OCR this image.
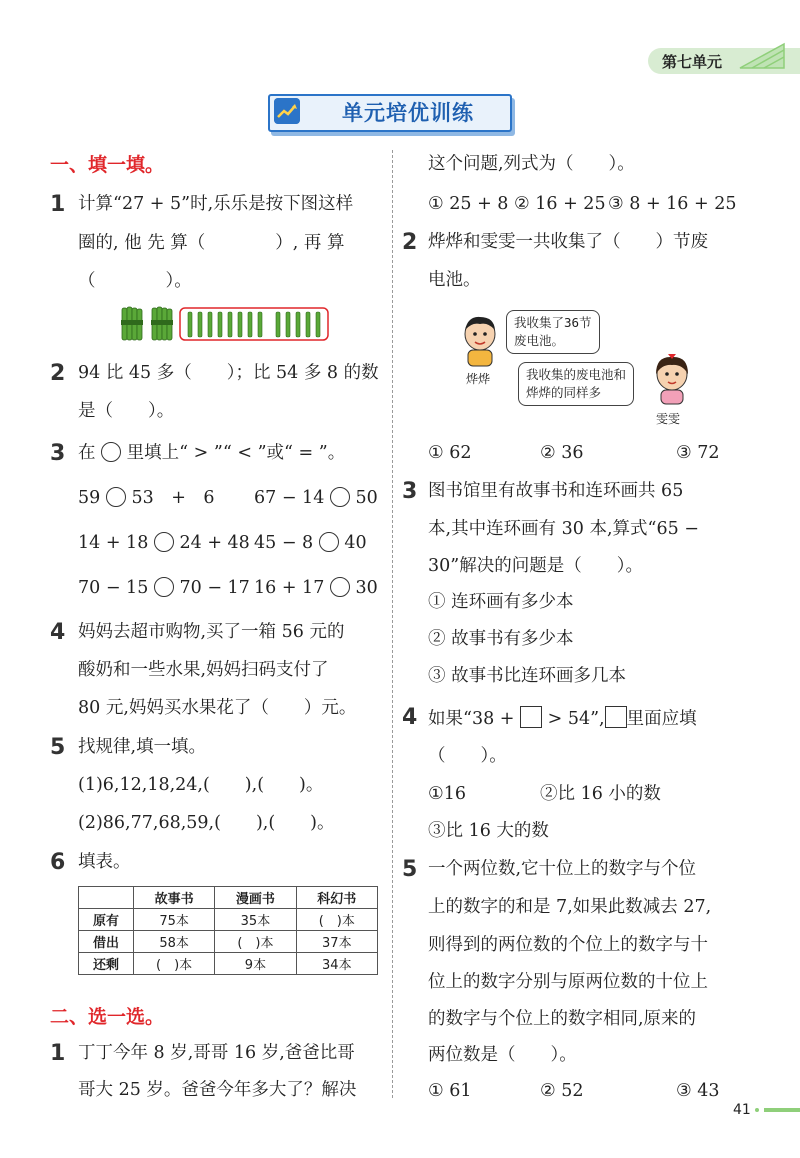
第七单元
单元培优训练
一、填一填。
1 计算“27 + 5”时,乐乐是按下图这样
圈的, 他 先 算（　　　　）, 再 算
（　　　　）。
2 94 比 45 多（　　）；比 54 多 8 的数
是（　　）。
3 在 里填上“ > ”“ < ”或“ = ”。
59 53　+　6 67 − 14 50
14 + 18 24 + 48 45 − 8 40
70 − 15 70 − 17 16 + 17 30
4 妈妈去超市购物,买了一箱 56 元的
酸奶和一些水果,妈妈扫码支付了
80 元,妈妈买水果花了（　　）元。
5 找规律,填一填。
(1)6,12,18,24,(　　),(　　)。
(2)86,77,68,59,(　　),(　　)。
6 填表。
	故事书	漫画书	科幻书
原有	75本	35本	(　)本
借出	58本	(　)本	37本
还剩	(　)本	9本	34本
二、选一选。
1 丁丁今年 8 岁,哥哥 16 岁,爸爸比哥
哥大 25 岁。爸爸今年多大了？解决
这个问题,列式为（　　）。
① 25 + 8 ② 16 + 25 ③ 8 + 16 + 25
2 烨烨和雯雯一共收集了（　　）节废
电池。
烨烨
我收集了36节
废电池。
我收集的废电池和
烨烨的同样多
雯雯
① 62	② 36	③ 72
3 图书馆里有故事书和连环画共 65
本,其中连环画有 30 本,算式“65 −
30”解决的问题是（　　）。
① 连环画有多少本
② 故事书有多少本
③ 故事书比连环画多几本
4 如果“38 + > 54”, 里面应填
（　　）。
①16	②比 16 小的数
③比 16 大的数
5 一个两位数,它十位上的数字与个位
上的数字的和是 7,如果此数减去 27,
则得到的两位数的个位上的数字与十
位上的数字分别与原两位数的十位上
的数字与个位上的数字相同,原来的
两位数是（　　）。
① 61	② 52	③ 43
41
